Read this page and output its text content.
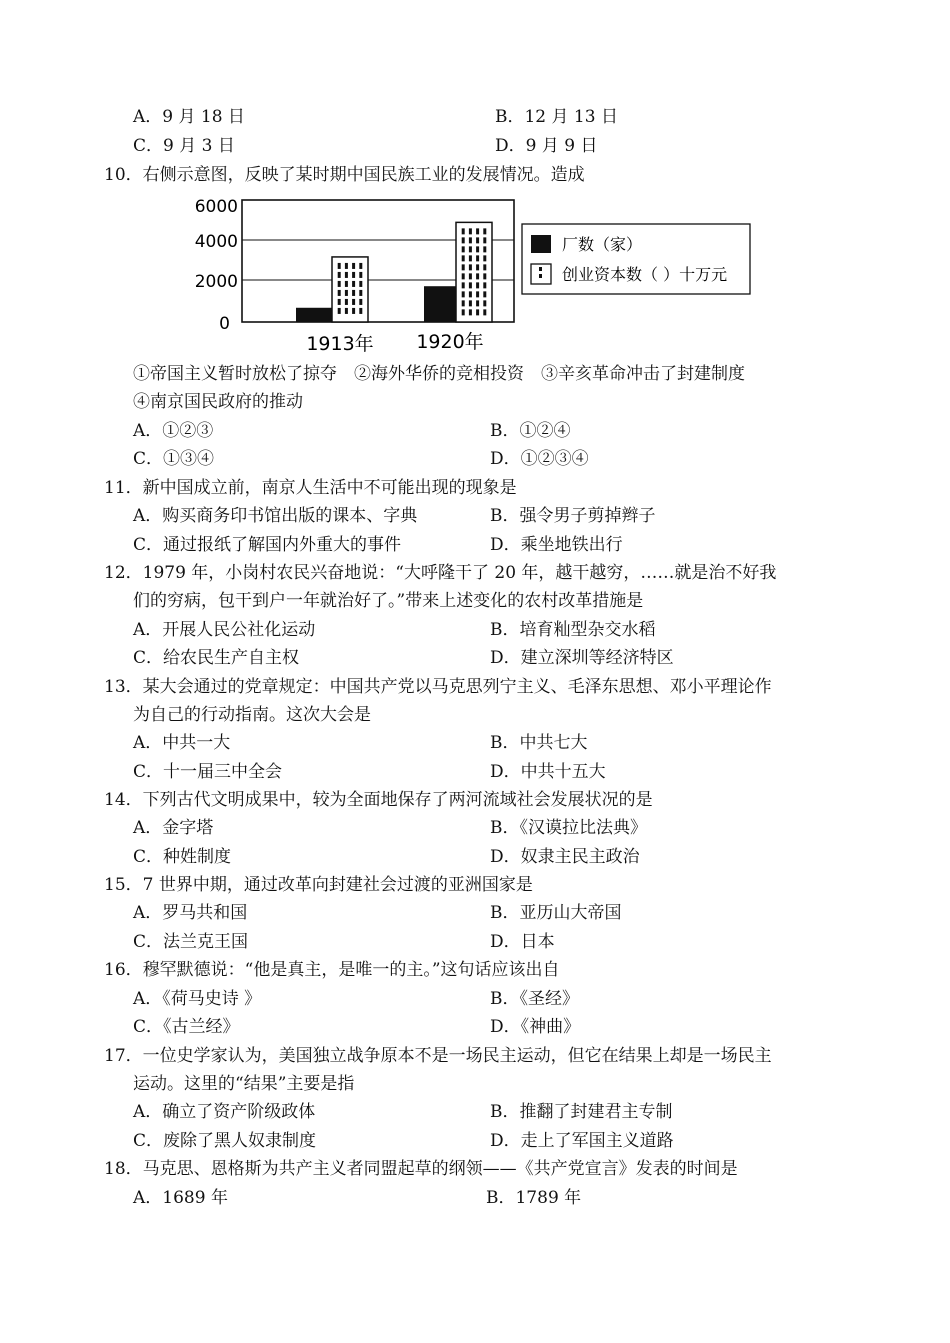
A．9 月 18 日	B．12 月 13 日
C．9 月 3 日	D．9 月 9 日
10．右侧示意图，反映了某时期中国民族工业的发展情况。造成
6000
4000
2000
0
1913年 1920年
厂数（家）
创业资本数（ ）十万元
①帝国主义暂时放松了掠夺　②海外华侨的竞相投资　③辛亥革命冲击了封建制度
④南京国民政府的推动
A．①②③	B．①②④
C．①③④	D．①②③④
11．新中国成立前，南京人生活中不可能出现的现象是
A．购买商务印书馆出版的课本、字典	B．强令男子剪掉辫子
C．通过报纸了解国内外重大的事件	D．乘坐地铁出行
12．1979 年，小岗村农民兴奋地说：“大呼隆干了 20 年，越干越穷，……就是治不好我
们的穷病，包干到户一年就治好了。”带来上述变化的农村改革措施是
A．开展人民公社化运动	B．培育籼型杂交水稻
C．给农民生产自主权	D．建立深圳等经济特区
13．某大会通过的党章规定：中国共产党以马克思列宁主义、毛泽东思想、邓小平理论作
为自己的行动指南。这次大会是
A．中共一大	B．中共七大
C．十一届三中全会	D．中共十五大
14．下列古代文明成果中，较为全面地保存了两河流域社会发展状况的是
A．金字塔	B．《汉谟拉比法典》
C．种姓制度	D．奴隶主民主政治
15．7 世界中期，通过改革向封建社会过渡的亚洲国家是
A．罗马共和国	B．亚历山大帝国
C．法兰克王国	D．日本
16．穆罕默德说：“他是真主，是唯一的主。”这句话应该出自
A．《荷马史诗 》	B．《圣经》
C．《古兰经》	D．《神曲》
17．一位史学家认为，美国独立战争原本不是一场民主运动，但它在结果上却是一场民主
运动。这里的“结果”主要是指
A．确立了资产阶级政体	B．推翻了封建君主专制
C．废除了黑人奴隶制度	D．走上了军国主义道路
18．马克思、恩格斯为共产主义者同盟起草的纲领——《共产党宣言》发表的时间是
A．1689 年	B．1789 年
